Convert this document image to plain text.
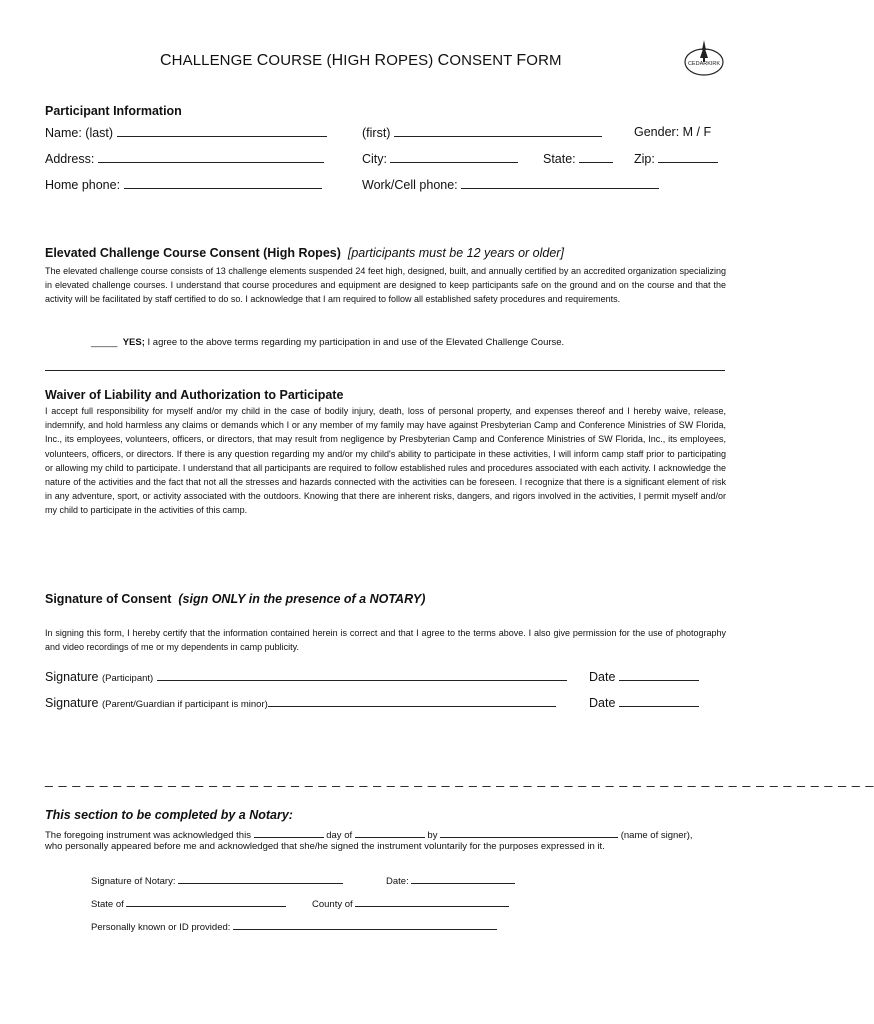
CHALLENGE COURSE (HIGH ROPES) CONSENT FORM	CEDARKIRK
Participant Information
Name: (last)	(first)	Gender: M / F
Address:	City:	State:	Zip:
Home phone:	Work/Cell phone:
Elevated Challenge Course Consent (High Ropes) [participants must be 12 years or older]
The elevated challenge course consists of 13 challenge elements suspended 24 feet high, designed, built, and annually certified by an accredited organization specializing in elevated challenge courses. I understand that course procedures and equipment are designed to keep participants safe on the ground and on the course and that the activity will be facilitated by staff certified to do so. I acknowledge that I am required to follow all established safety procedures and requirements.
_____ YES; I agree to the above terms regarding my participation in and use of the Elevated Challenge Course.
Waiver of Liability and Authorization to Participate
I accept full responsibility for myself and/or my child in the case of bodily injury, death, loss of personal property, and expenses thereof and I hereby waive, release, indemnify, and hold harmless any claims or demands which I or any member of my family may have against Presbyterian Camp and Conference Ministries of SW Florida, Inc., its employees, volunteers, officers, or directors, that may result from negligence by Presbyterian Camp and Conference Ministries of SW Florida, Inc., its employees, volunteers, officers, or directors. If there is any question regarding my and/or my child's ability to participate in these activities, I will inform camp staff prior to participating or allowing my child to participate. I understand that all participants are required to follow established rules and procedures associated with each activity. I acknowledge the nature of the activities and the fact that not all the stresses and hazards connected with the activities can be foreseen. I recognize that there is a significant element of risk in any adventure, sport, or activity associated with the outdoors. Knowing that there are inherent risks, dangers, and rigors involved in the activities, I permit myself and/or my child to participate in the activities of this camp.
Signature of Consent (sign ONLY in the presence of a NOTARY)
In signing this form, I hereby certify that the information contained herein is correct and that I agree to the terms above. I also give permission for the use of photography and video recordings of me or my dependents in camp publicity.
Signature (Participant)	Date
Signature (Parent/Guardian if participant is minor)	Date
_ _ _ _ _ _ _ _ _ _ _ _ _ _ _ _ _ _ _ _ _ _ _ _ _ _ _ _ _ _ _ _ _ _ _ _ _ _ _ _ _ _ _ _ _ _ _ _ _ _ _ _ _ _ _ _ _ _ _ _ _
This section to be completed by a Notary:
The foregoing instrument was acknowledged this	day of	by	(name of signer),
who personally appeared before me and acknowledged that she/he signed the instrument voluntarily for the purposes expressed in it.
Signature of Notary:	Date:
State of	County of
Personally known or ID provided:
